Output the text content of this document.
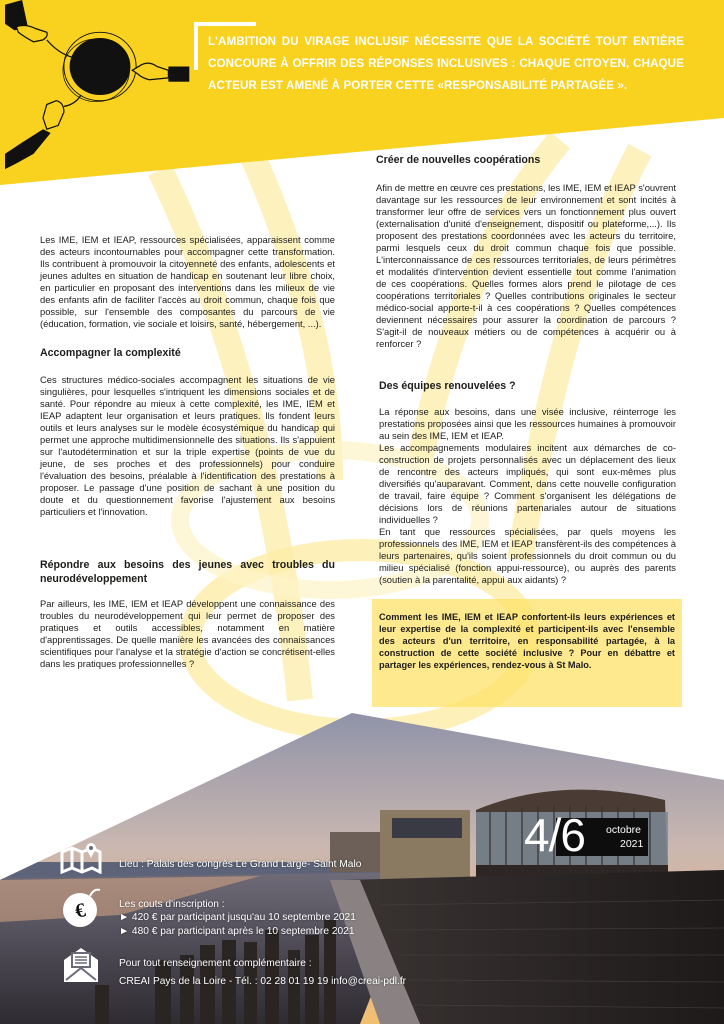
L'AMBITION DU VIRAGE INCLUSIF NÉCESSITE QUE LA SOCIÉTÉ TOUT ENTIÈRE CONCOURE À OFFRIR DES RÉPONSES INCLUSIVES : CHAQUE CITOYEN, CHAQUE ACTEUR EST AMENÉ À PORTER CETTE «RESPONSABILITÉ PARTAGÉE ».
Les IME, IEM et IEAP, ressources spécialisées, apparaissent comme des acteurs incontournables pour accompagner cette transformation. Ils contribuent à promouvoir la citoyenneté des enfants, adolescents et jeunes adultes en situation de handicap en soutenant leur libre choix, en particulier en proposant des interventions dans les milieux de vie des enfants afin de faciliter l'accès au droit commun, chaque fois que possible, sur l'ensemble des composantes du parcours de vie (éducation, formation, vie sociale et loisirs, santé, hébergement, ...).
Accompagner la complexité
Ces structures médico-sociales accompagnent les situations de vie singulières, pour lesquelles s'intriquent les dimensions sociales et de santé. Pour répondre au mieux à cette complexité, les IME, IEM et IEAP adaptent leur organisation et leurs pratiques. Ils fondent leurs outils et leurs analyses sur le modèle écosystémique du handicap qui permet une approche multidimensionnelle des situations. Ils s'appuient sur l'autodétermination et sur la triple expertise (points de vue du jeune, de ses proches et des professionnels) pour conduire l'évaluation des besoins, préalable à l'identification des prestations à proposer. Le passage d'une position de sachant à une position du doute et du questionnement favorise l'ajustement aux besoins particuliers et l'innovation.
Répondre aux besoins des jeunes avec troubles du neurodéveloppement
Par ailleurs, les IME, IEM et IEAP développent une connaissance des troubles du neurodéveloppement qui leur permet de proposer des pratiques et outils accessibles, notamment en matière d'apprentissages. De quelle manière les avancées des connaissances scientifiques pour l'analyse et la stratégie d'action se concrétisent-elles dans les pratiques professionnelles ?
Créer de nouvelles coopérations
Afin de mettre en œuvre ces prestations, les IME, IEM et IEAP s'ouvrent davantage sur les ressources de leur environnement et sont incités à transformer leur offre de services vers un fonctionnement plus ouvert (externalisation d'unité d'enseignement, dispositif ou plateforme,...). Ils proposent des prestations coordonnées avec les acteurs du territoire, parmi lesquels ceux du droit commun chaque fois que possible. L'interconnaissance de ces ressources territoriales, de leurs périmètres et modalités d'intervention devient essentielle tout comme l'animation de ces coopérations. Quelles formes alors prend le pilotage de ces coopérations territoriales ? Quelles contributions originales le secteur médico-social apporte-t-il à ces coopérations ? Quelles compétences deviennent nécessaires pour assurer la coordination de parcours ? S'agit-il de nouveaux métiers ou de compétences à acquérir ou à renforcer ?
Des équipes renouvelées ?

La réponse aux besoins, dans une visée inclusive, réinterroge les prestations proposées ainsi que les ressources humaines à promouvoir au sein des IME, IEM et IEAP.

Les accompagnements modulaires incitent aux démarches de co-construction de projets personnalisés avec un déplacement des lieux de rencontre des acteurs impliqués, qui sont eux-mêmes plus diversifiés qu'auparavant. Comment, dans cette nouvelle configuration de travail, faire équipe ? Comment s'organisent les délégations de décisions lors de réunions partenariales autour de situations individuelles ?

En tant que ressources spécialisées, par quels moyens les professionnels des IME, IEM et IEAP transfèrent-ils des compétences à leurs partenaires, qu'ils soient professionnels du droit commun ou du milieu spécialisé (fonction appui-ressource), ou auprès des parents (soutien à la parentalité, appui aux aidants) ?

Comment les IME, IEM et IEAP confortent-ils leurs expériences et leur expertise de la complexité et participent-ils avec l'ensemble des acteurs d'un territoire, en responsabilité partagée, à la construction de cette société inclusive ? Pour en débattre et partager les expériences, rendez-vous à St Malo.

Lieu : Palais des congrès Le Grand Large- Saint Malo
€	Les couts d'inscription :
► 420 € par participant jusqu'au 10 septembre 2021
► 480 € par participant après le 10 septembre 2021
Pour tout renseignement complémentaire :
CREAI Pays de la Loire - Tél. : 02 28 01 19 19 info@creai-pdl.fr
4/6 octobre
2021
